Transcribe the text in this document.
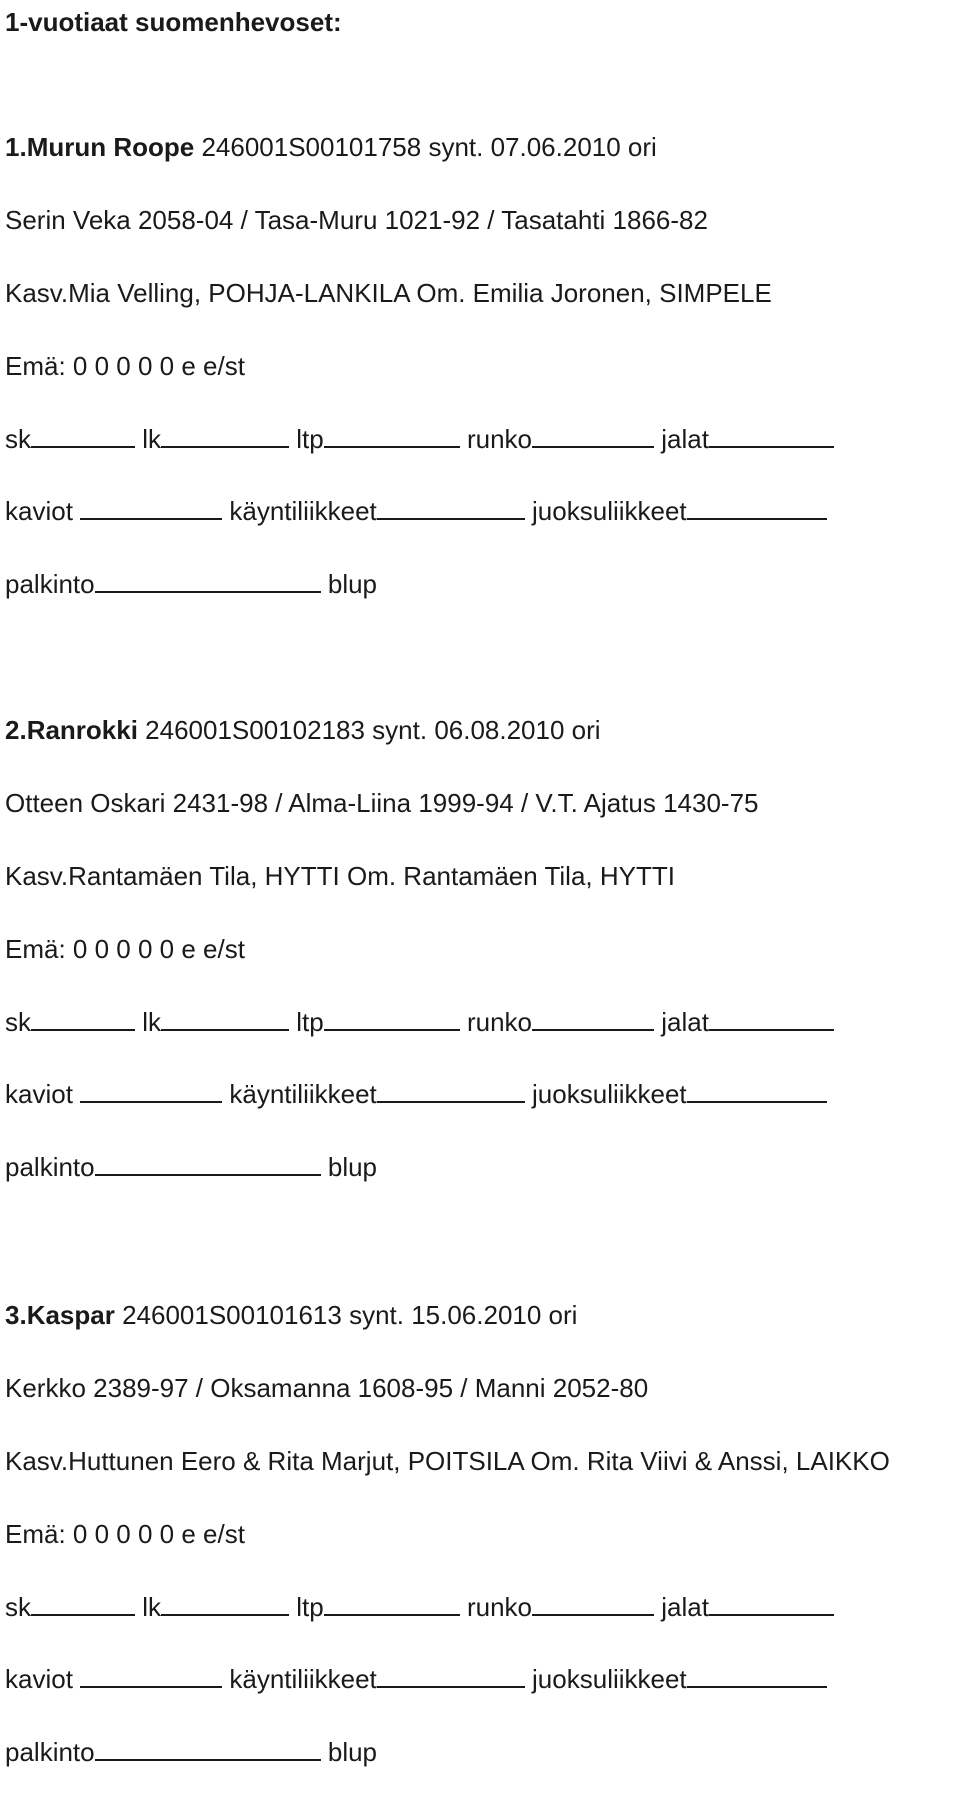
1-vuotiaat suomenhevoset:
1.Murun Roope 246001S00101758 synt. 07.06.2010 ori
Serin Veka 2058-04 / Tasa-Muru 1021-92 / Tasatahti 1866-82
Kasv.Mia Velling, POHJA-LANKILA Om. Emilia Joronen, SIMPELE
Emä: 0 0 0 0 0 e e/st
sk	lk	ltp	runko	jalat
kaviot	käyntiliikkeet	juoksuliikkeet
palkinto	blup
2.Ranrokki 246001S00102183 synt. 06.08.2010 ori
Otteen Oskari 2431-98 / Alma-Liina 1999-94 / V.T. Ajatus 1430-75
Kasv.Rantamäen Tila, HYTTI Om. Rantamäen Tila, HYTTI
Emä: 0 0 0 0 0 e e/st
sk	lk	ltp	runko	jalat
kaviot	käyntiliikkeet	juoksuliikkeet
palkinto	blup
3.Kaspar 246001S00101613 synt. 15.06.2010 ori
Kerkko 2389-97 / Oksamanna 1608-95 / Manni 2052-80
Kasv.Huttunen Eero & Rita Marjut, POITSILA Om. Rita Viivi & Anssi, LAIKKO
Emä: 0 0 0 0 0 e e/st
sk	lk	ltp	runko	jalat
kaviot	käyntiliikkeet	juoksuliikkeet
palkinto	blup
